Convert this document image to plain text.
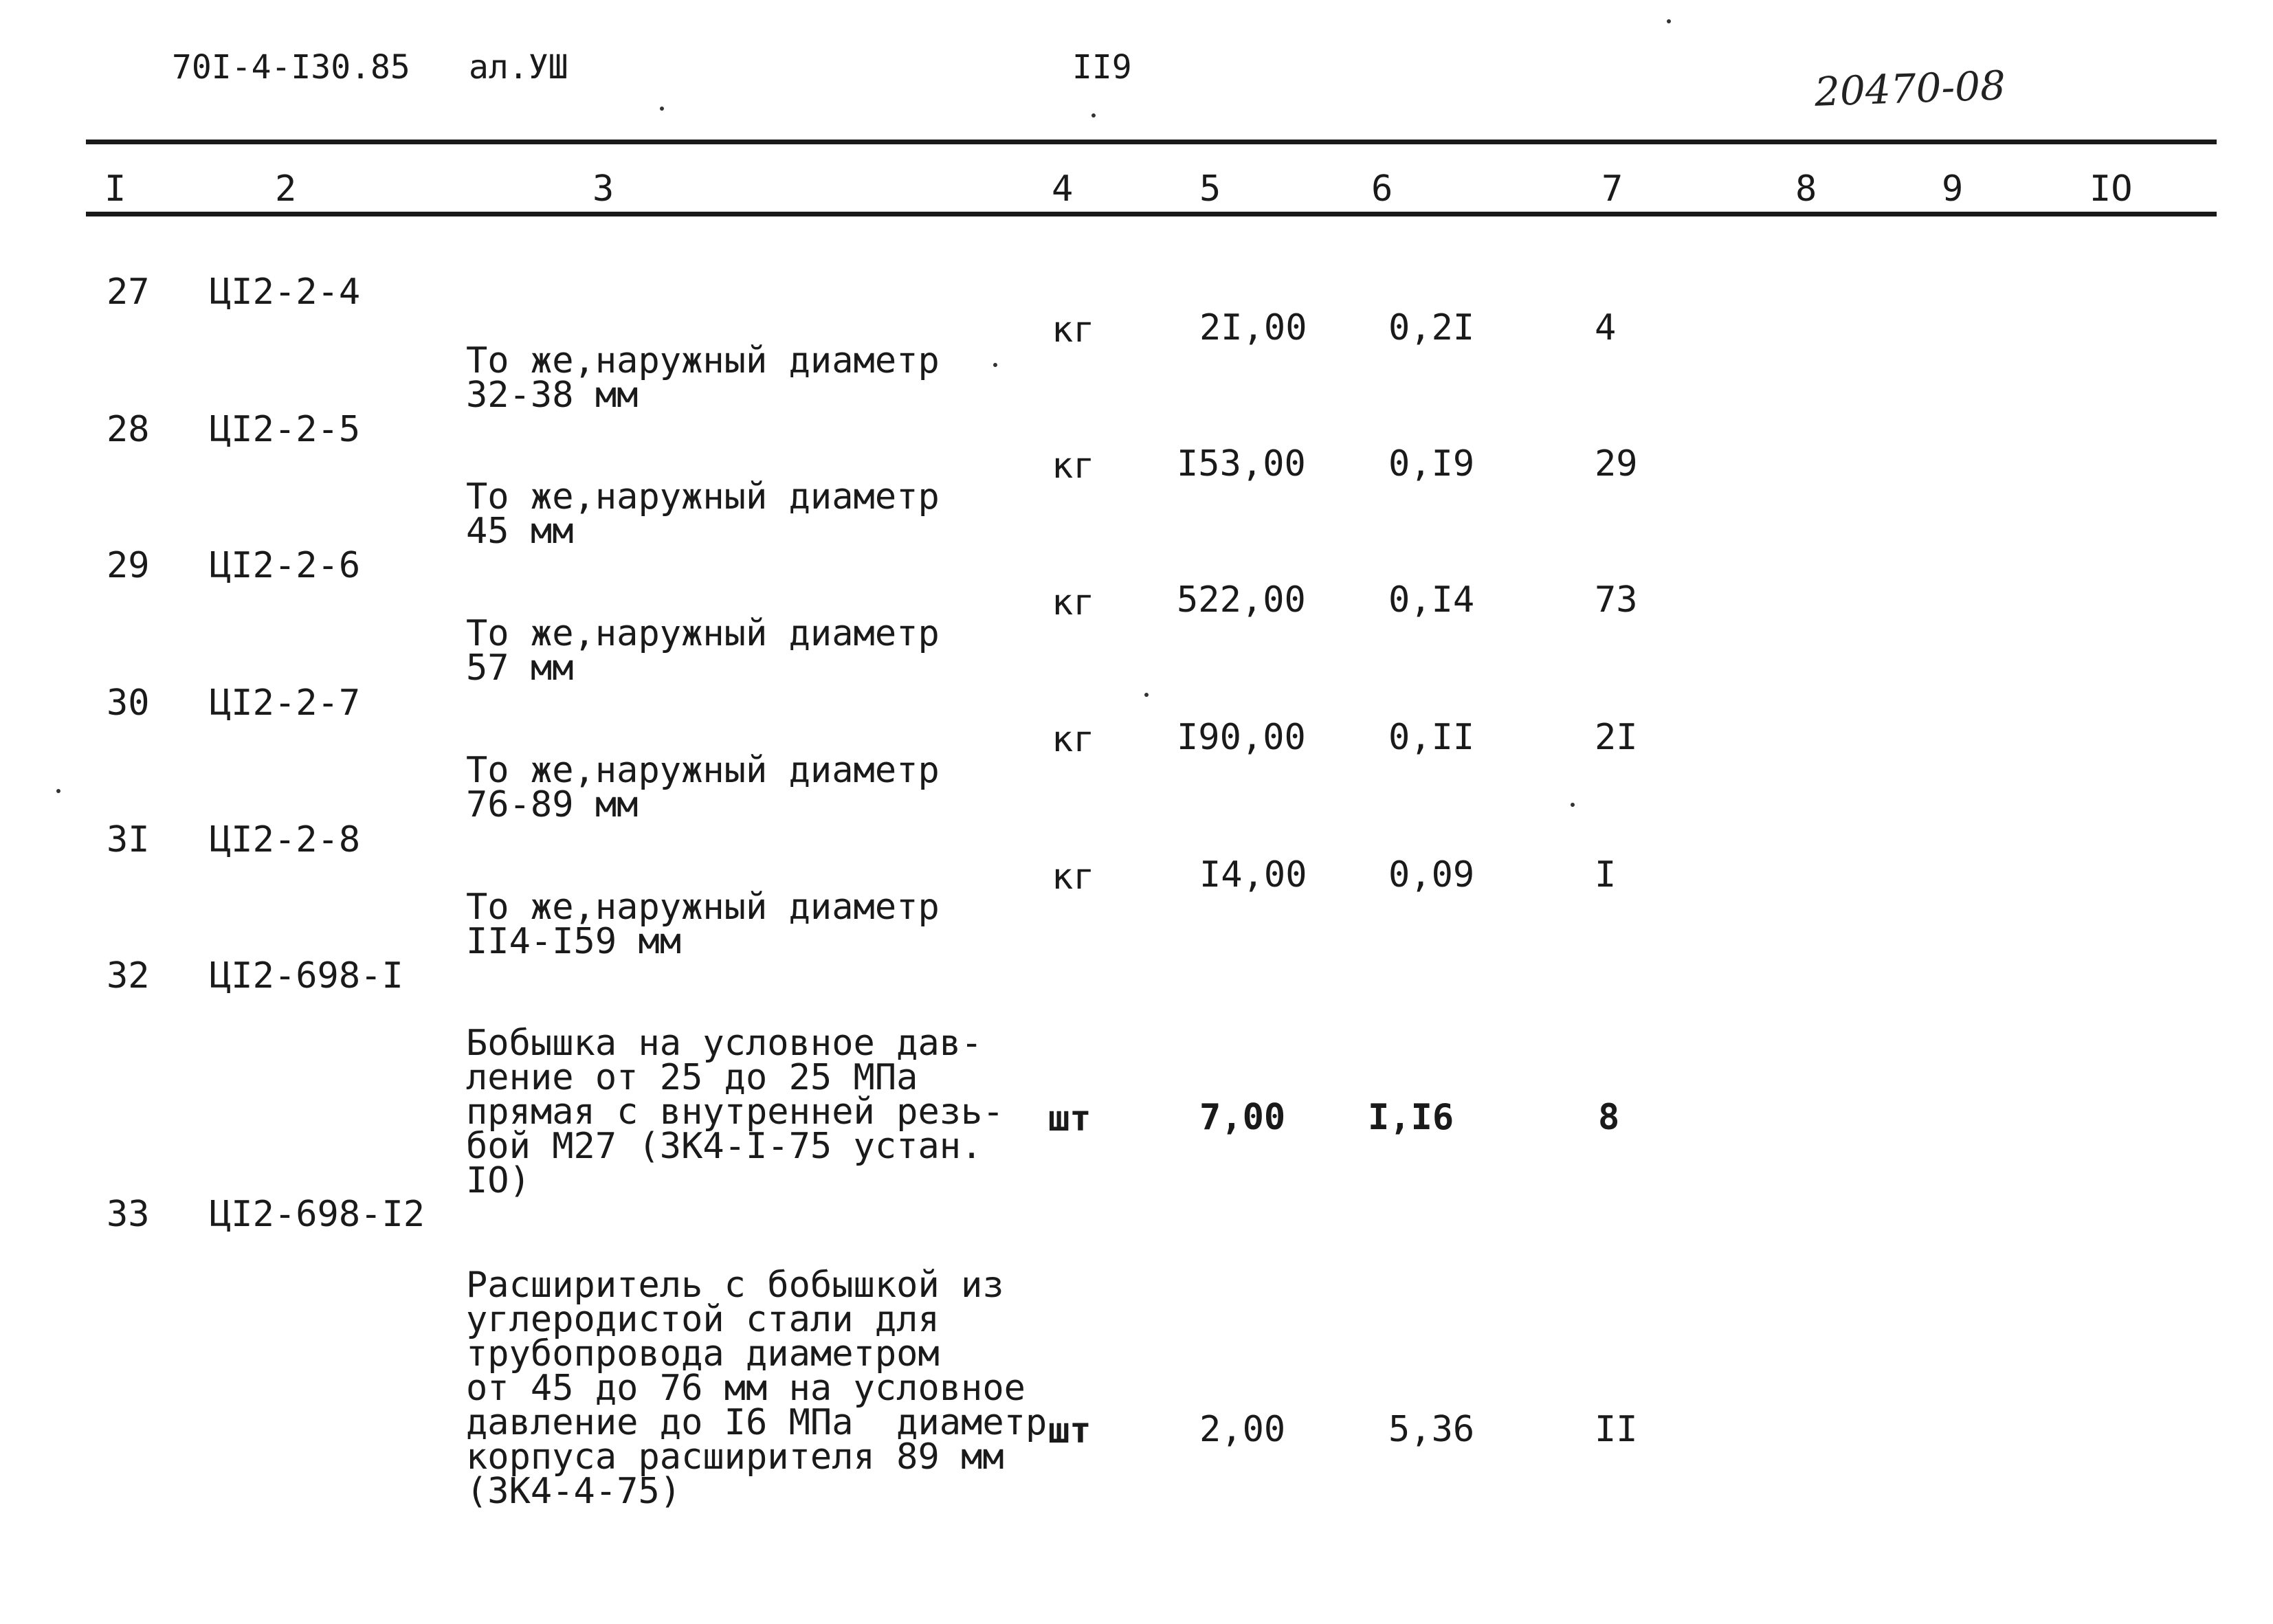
70I-4-I30.85 ал.УШ	II9	20470-08
I	2	3	4	5	6	7	8	9	IO
27 ЦI2-2-4

То же,наружный диаметр
32-38 мм

кг	2I,00 0,2I	4
28 ЦI2-2-5

То же,наружный диаметр
45 мм

кг I53,00 0,I9	29
29 ЦI2-2-6

То же,наружный диаметр
57 мм

кг 522,00 0,I4	73
30 ЦI2-2-7

То же,наружный диаметр
76-89 мм

кг I90,00 0,II	2I
3I ЦI2-2-8

То же,наружный диаметр
II4-I59 мм

кг	I4,00 0,09	I
32 ЦI2-698-I

Бобышка на условное дав-
ление от 25 до 25 МПа
прямая с внутренней резь-
бой М27 (ЗК4-I-75 устан.
IO)

шт	7,00 I,I6	8
33 ЦI2-698-I2

Расширитель с бобышкой из
углеродистой стали для
трубопровода диаметром
от 45 до 76 мм на условное
давление до I6 МПа  диаметр
корпуса расширителя 89 мм
(ЗК4-4-75)

шт	2,00	5,36	II
